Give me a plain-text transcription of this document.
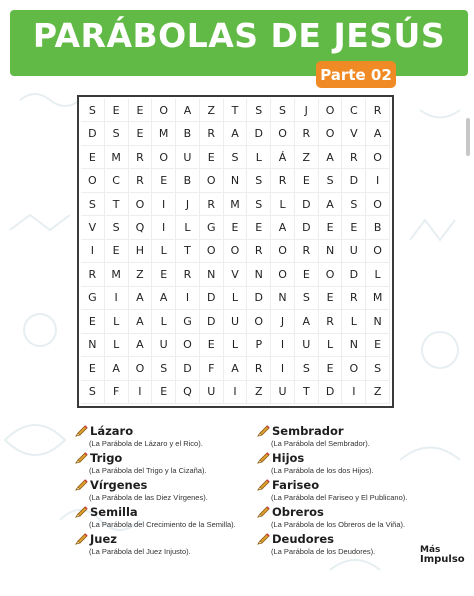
PARÁBOLAS DE JESÚS
Parte 02
S	E	E	O	A	Z	T	S	S	J	O	C	R
D	S	E	M	B	R	A	D	O	R	O	V	A
E	M	R	O	U	E	S	L	Á	Z	A	R	O
O	C	R	E	B	O	N	S	R	E	S	D	I
S	T	O	I	J	R	M	S	L	D	A	S	O
V	S	Q	I	L	G	E	E	A	D	E	E	B
I	E	H	L	T	O	O	R	O	R	N	U	O
R	M	Z	E	R	N	V	N	O	E	O	D	L
G	I	A	A	I	D	L	D	N	S	E	R	M
E	L	A	L	G	D	U	O	J	A	R	L	N
N	L	A	U	O	E	L	P	I	U	L	N	E
E	A	O	S	D	F	A	R	I	S	E	O	S
S	F	I	E	Q	U	I	Z	U	T	D	I	Z
Lázaro
(La Parábola de Lázaro y el Rico).
Trigo
(La Parábola del Trigo y la Cizaña).
Vírgenes
(La Parábola de las Diez Vírgenes).
Semilla
(La Parábola del Crecimiento de la Semilla).
Juez
(La Parábola del Juez Injusto).
Sembrador
(La Parábola del Sembrador).
Hijos
(La Parábola de los dos Hijos).
Fariseo
(La Parábola del Fariseo y El Publicano).
Obreros
(La Parábola de los Obreros de la Viña).
Deudores
(La Parábola de los Deudores).	Más
Impulso
